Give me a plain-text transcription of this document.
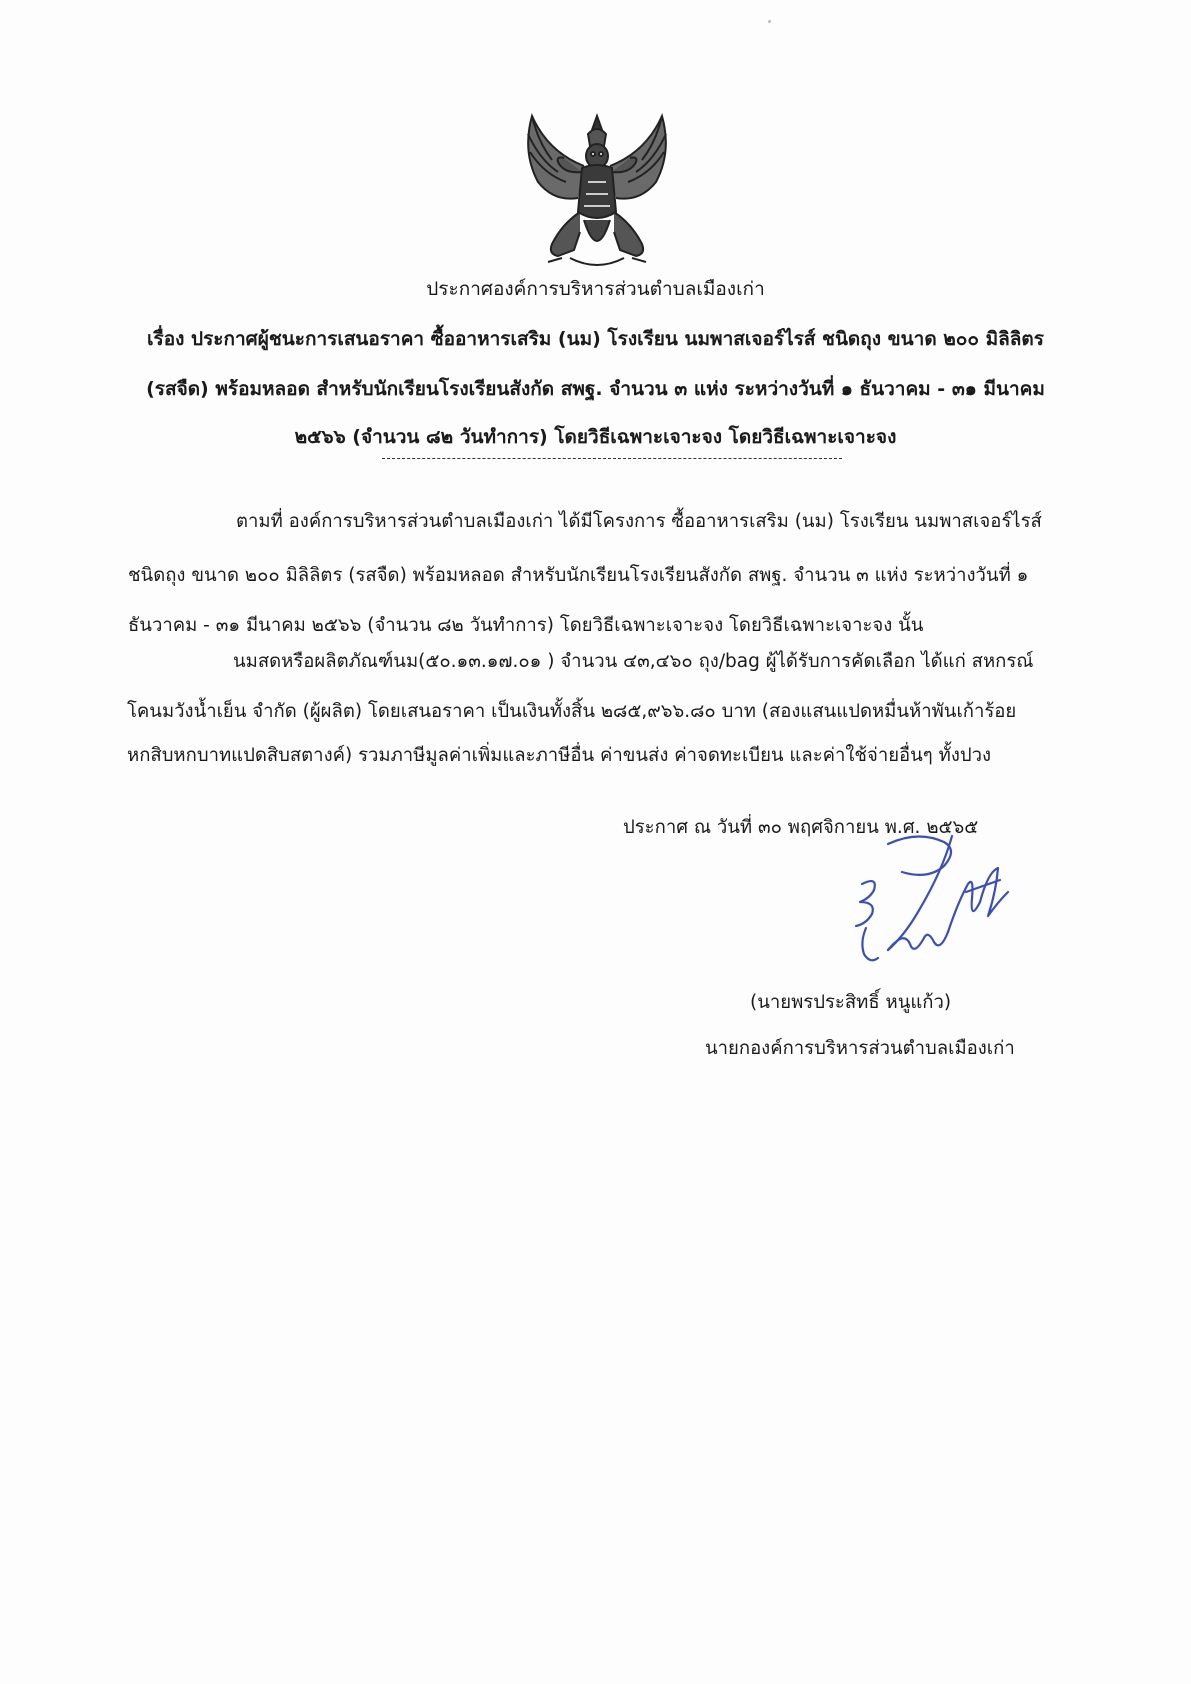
ประกาศองค์การบริหารส่วนตำบลเมืองเก่า

เรื่อง ประกาศผู้ชนะการเสนอราคา ซื้ออาหารเสริม (นม) โรงเรียน นมพาสเจอร์ไรส์ ชนิดถุง ขนาด ๒๐๐ มิลิลิตร

(รสจืด) พร้อมหลอด สำหรับนักเรียนโรงเรียนสังกัด สพฐ. จำนวน ๓ แห่ง ระหว่างวันที่ ๑ ธันวาคม - ๓๑ มีนาคม

๒๕๖๖ (จำนวน ๘๒ วันทำการ) โดยวิธีเฉพาะเจาะจง โดยวิธีเฉพาะเจาะจง

ตามที่ องค์การบริหารส่วนตำบลเมืองเก่า ได้มีโครงการ ซื้ออาหารเสริม (นม) โรงเรียน นมพาสเจอร์ไรส์

ชนิดถุง ขนาด ๒๐๐ มิลิลิตร (รสจืด) พร้อมหลอด สำหรับนักเรียนโรงเรียนสังกัด สพฐ. จำนวน ๓ แห่ง ระหว่างวันที่ ๑

ธันวาคม - ๓๑ มีนาคม ๒๕๖๖ (จำนวน ๘๒ วันทำการ) โดยวิธีเฉพาะเจาะจง โดยวิธีเฉพาะเจาะจง นั้น

นมสดหรือผลิตภัณฑ์นม(๕๐.๑๓.๑๗.๐๑ ) จำนวน ๔๓,๔๖๐ ถุง/bag ผู้ได้รับการคัดเลือก ได้แก่ สหกรณ์

โคนมวังน้ำเย็น จำกัด (ผู้ผลิต) โดยเสนอราคา เป็นเงินทั้งสิ้น ๒๘๕,๙๖๖.๘๐ บาท (สองแสนแปดหมื่นห้าพันเก้าร้อย

หกสิบหกบาทแปดสิบสตางค์) รวมภาษีมูลค่าเพิ่มและภาษีอื่น ค่าขนส่ง ค่าจดทะเบียน และค่าใช้จ่ายอื่นๆ ทั้งปวง

ประกาศ ณ วันที่ ๓๐ พฤศจิกายน พ.ศ. ๒๕๖๕

(นายพรประสิทธิ์ หนูแก้ว)

นายกองค์การบริหารส่วนตำบลเมืองเก่า
